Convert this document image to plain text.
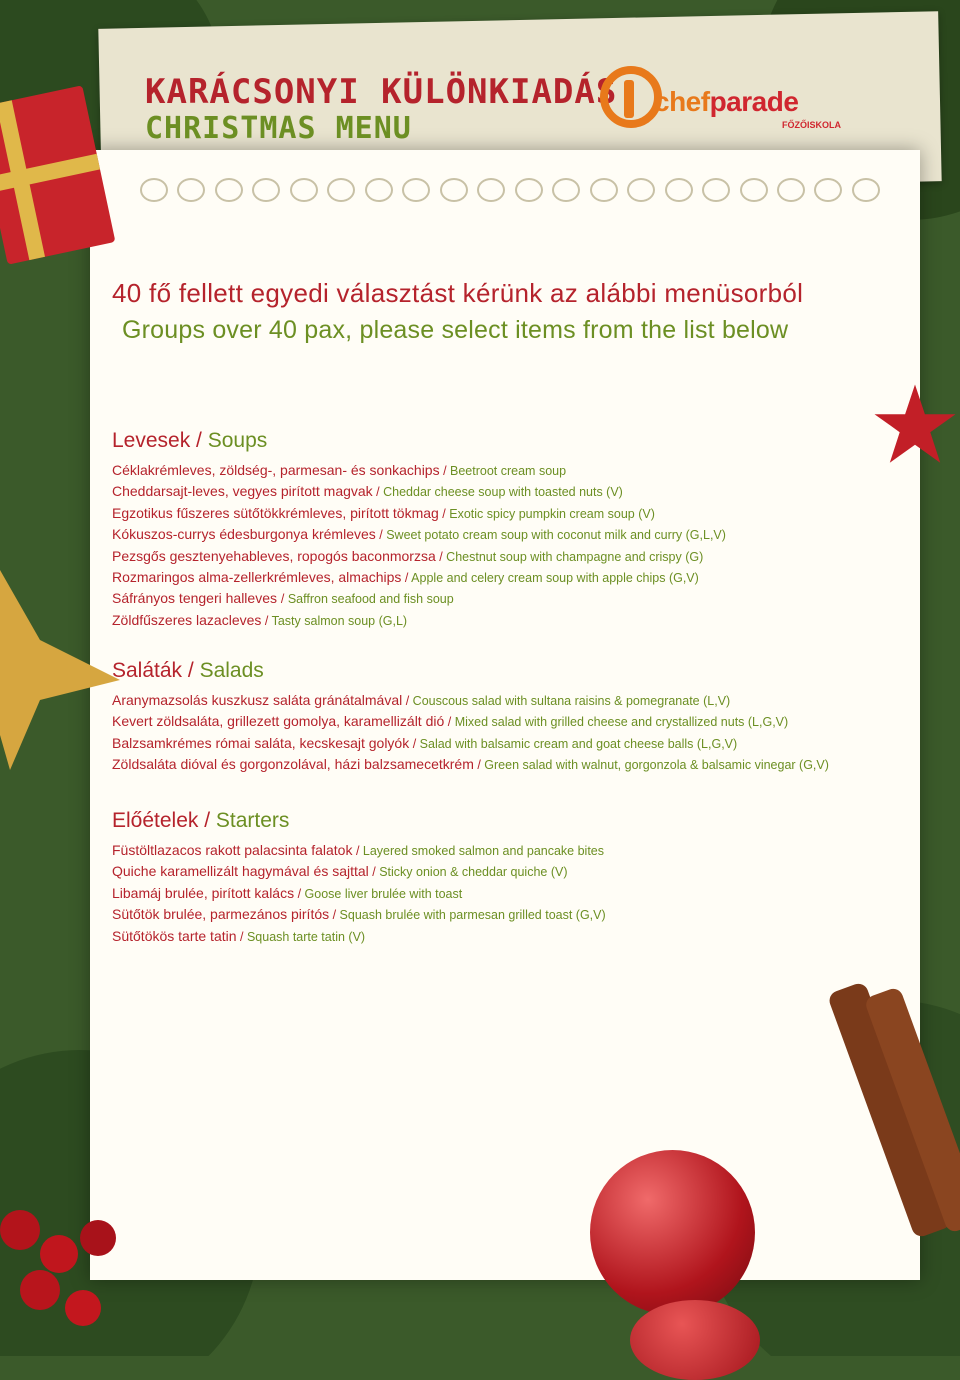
KARÁCSONYI KÜLÖNKIADÁS
CHRISTMAS MENU
chefparade
FŐZŐISKOLA
40 fő fellett egyedi választást kérünk az alábbi menüsorból
Groups over 40 pax, please select items from the list below
Levesek / Soups
Céklakrémleves, zöldség-, parmesan- és sonkachips / Beetroot cream soup
Cheddarsajt-leves, vegyes pirított magvak / Cheddar cheese soup with toasted nuts (V)
Egzotikus fűszeres sütőtökkrémleves, pirított tökmag / Exotic spicy pumpkin cream soup (V)
Kókuszos-currys édesburgonya krémleves / Sweet potato cream soup with coconut milk and curry (G,L,V)
Pezsgős gesztenyehableves, ropogós baconmorzsa / Chestnut soup with champagne and crispy (G)
Rozmaringos alma-zellerkrémleves, almachips / Apple and celery cream soup with apple chips (G,V)
Sáfrányos tengeri halleves / Saffron seafood and fish soup
Zöldfűszeres lazacleves / Tasty salmon soup (G,L)
Saláták / Salads
Aranymazsolás kuszkusz saláta gránátalmával / Couscous salad with sultana raisins & pomegranate (L,V)
Kevert zöldsaláta, grillezett gomolya, karamellizált dió / Mixed salad with grilled cheese and crystallized nuts (L,G,V)
Balzsamkrémes római saláta, kecskesajt golyók / Salad with balsamic cream and goat cheese balls (L,G,V)
Zöldsaláta dióval és gorgonzolával, házi balzsamecetkrém / Green salad with walnut, gorgonzola & balsamic vinegar (G,V)
Előételek / Starters
Füstöltlazacos rakott palacsinta falatok / Layered smoked salmon and pancake bites
Quiche karamellizált hagymával és sajttal / Sticky onion & cheddar quiche (V)
Libamáj brulée, pirított kalács / Goose liver brulée with toast
Sütőtök brulée, parmezános pirítós / Squash brulée with parmesan grilled toast (G,V)
Sütőtökös tarte tatin / Squash tarte tatin (V)
